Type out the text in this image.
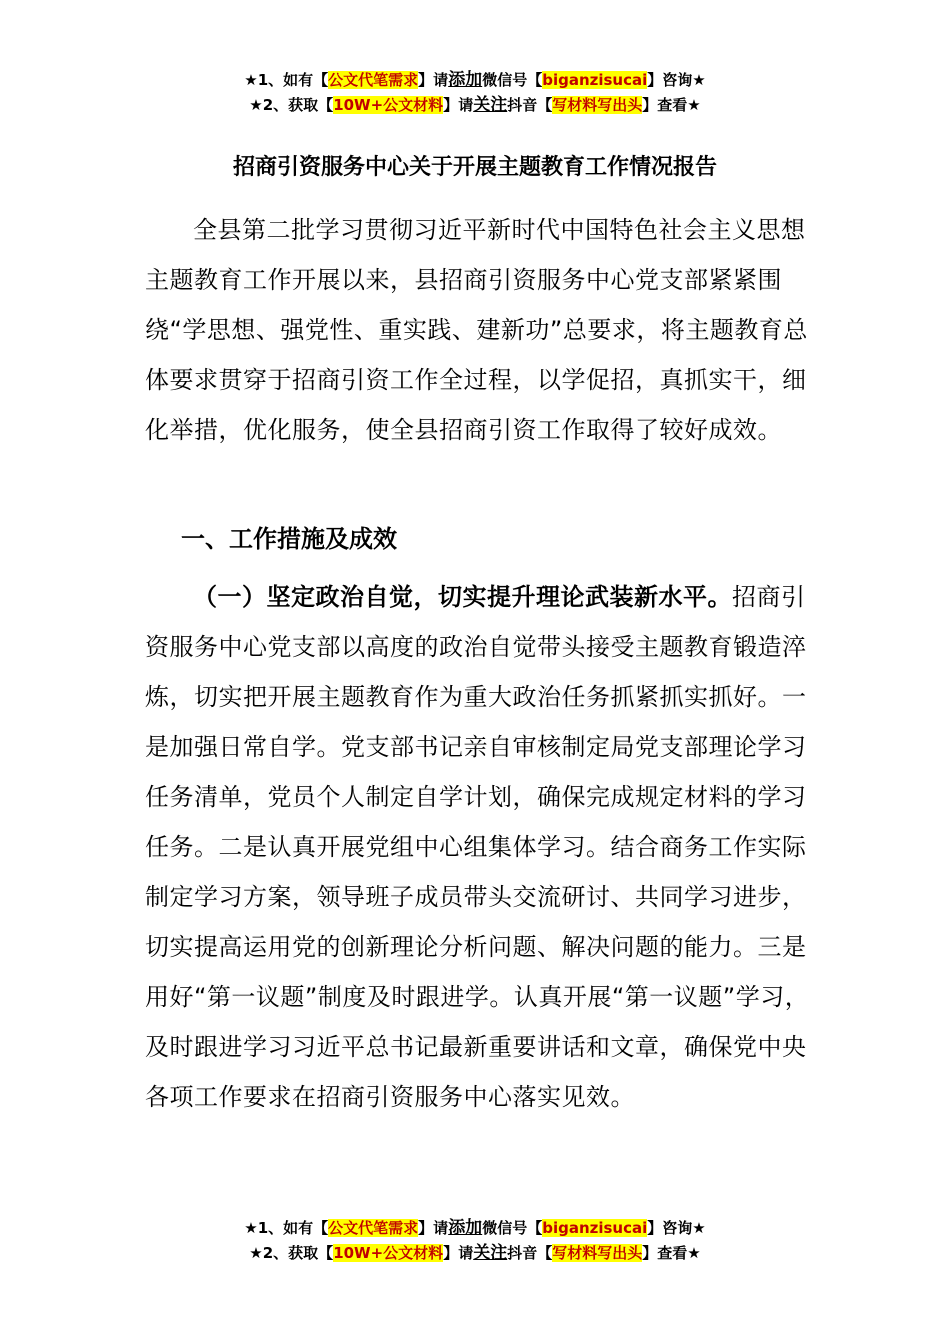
★1、如有【公文代笔需求】请添加微信号【biganzisucai】咨询★
★2、获取【10W+公文材料】请关注抖音【写材料写出头】查看★
招商引资服务中心关于开展主题教育工作情况报告

全县第二批学习贯彻习近平新时代中国特色社会主义思想主题教育工作开展以来，县招商引资服务中心党支部紧紧围绕“学思想、强党性、重实践、建新功”总要求，将主题教育总体要求贯穿于招商引资工作全过程，以学促招，真抓实干，细化举措，优化服务，使全县招商引资工作取得了较好成效。

一、工作措施及成效

（一）坚定政治自觉，切实提升理论武装新水平。招商引资服务中心党支部以高度的政治自觉带头接受主题教育锻造淬炼，切实把开展主题教育作为重大政治任务抓紧抓实抓好。一是加强日常自学。党支部书记亲自审核制定局党支部理论学习任务清单，党员个人制定自学计划，确保完成规定材料的学习任务。二是认真开展党组中心组集体学习。结合商务工作实际制定学习方案，领导班子成员带头交流研讨、共同学习进步，切实提高运用党的创新理论分析问题、解决问题的能力。三是用好“第一议题”制度及时跟进学。认真开展“第一议题”学习，及时跟进学习习近平总书记最新重要讲话和文章，确保党中央各项工作要求在招商引资服务中心落实见效。

★1、如有【公文代笔需求】请添加微信号【biganzisucai】咨询★
★2、获取【10W+公文材料】请关注抖音【写材料写出头】查看★
